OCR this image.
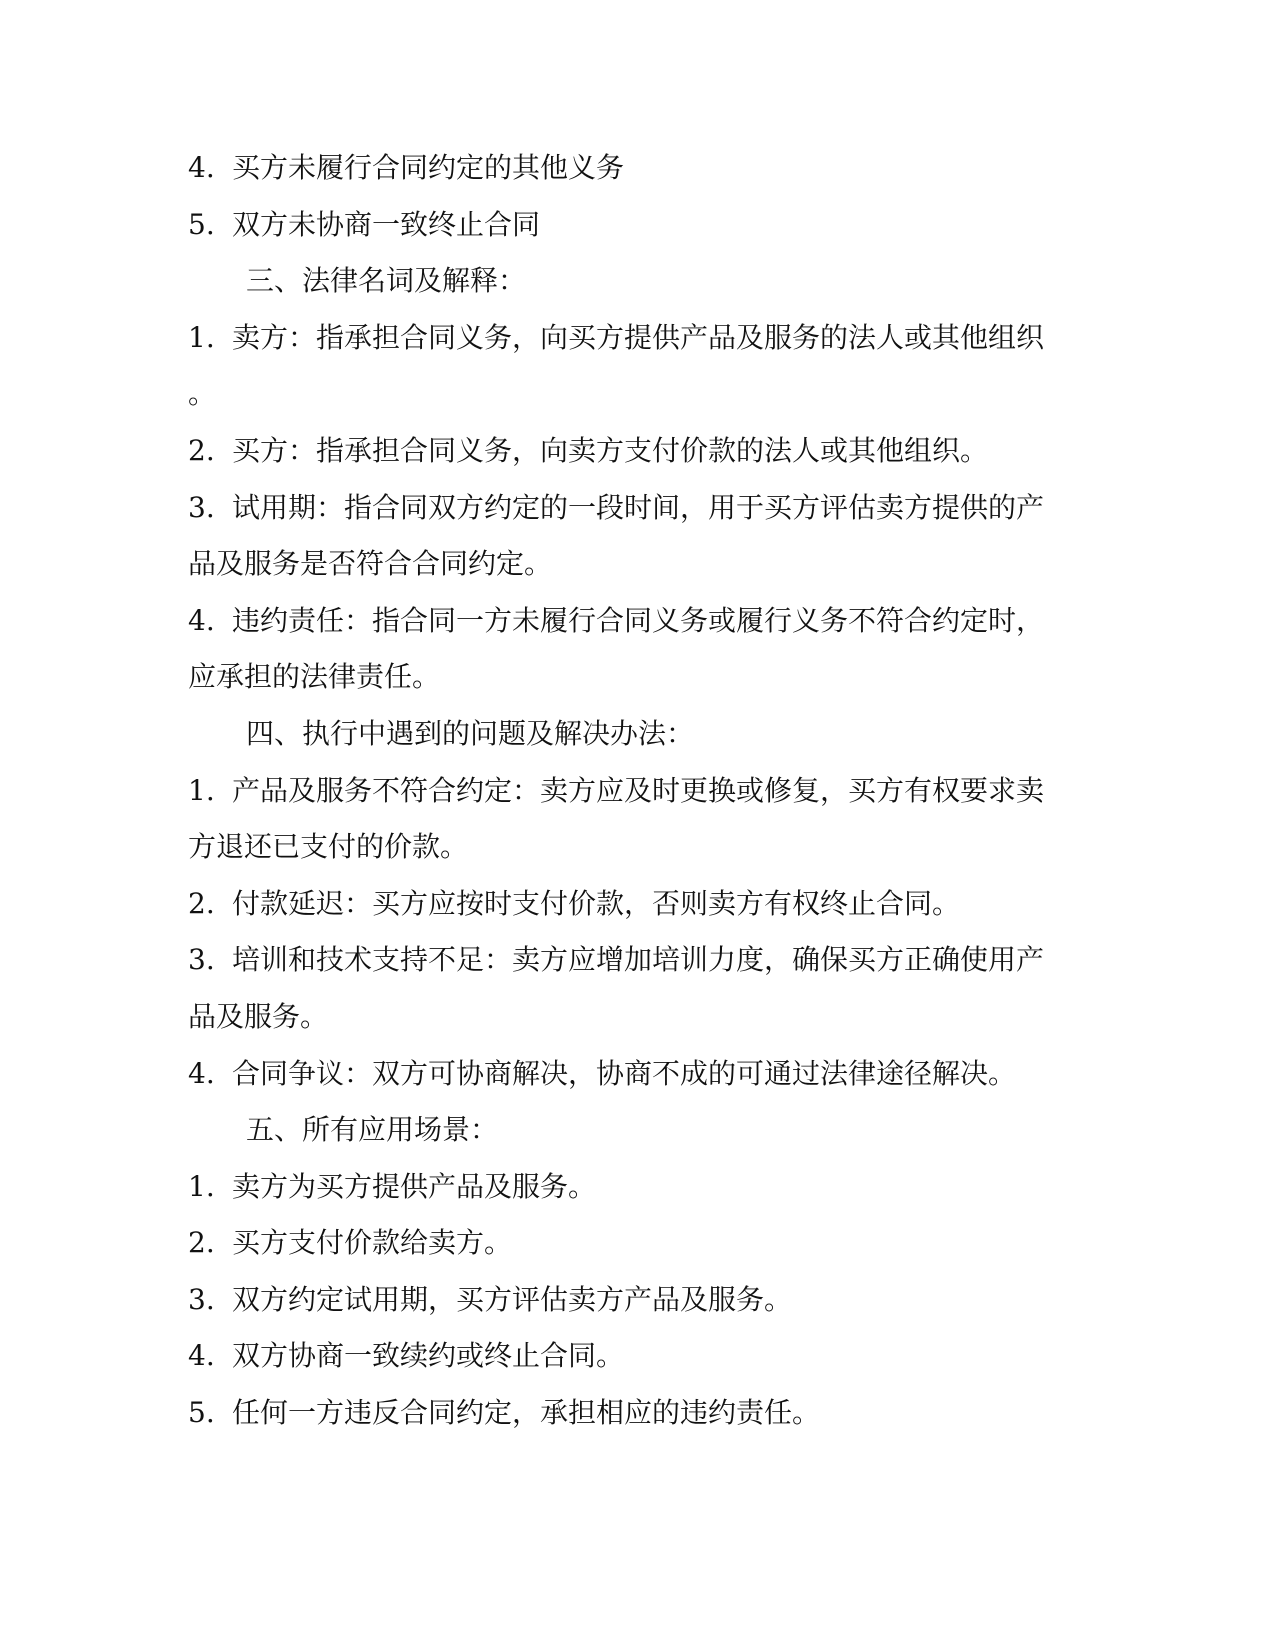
4. 买方未履行合同约定的其他义务
5. 双方未协商一致终止合同
三、法律名词及解释：
1. 卖方：指承担合同义务，向买方提供产品及服务的法人或其他组织
。
2. 买方：指承担合同义务，向卖方支付价款的法人或其他组织。
3. 试用期：指合同双方约定的一段时间，用于买方评估卖方提供的产
品及服务是否符合合同约定。
4. 违约责任：指合同一方未履行合同义务或履行义务不符合约定时，
应承担的法律责任。
四、执行中遇到的问题及解决办法：
1. 产品及服务不符合约定：卖方应及时更换或修复，买方有权要求卖
方退还已支付的价款。
2. 付款延迟：买方应按时支付价款，否则卖方有权终止合同。
3. 培训和技术支持不足：卖方应增加培训力度，确保买方正确使用产
品及服务。
4. 合同争议：双方可协商解决，协商不成的可通过法律途径解决。
五、所有应用场景：
1. 卖方为买方提供产品及服务。
2. 买方支付价款给卖方。
3. 双方约定试用期，买方评估卖方产品及服务。
4. 双方协商一致续约或终止合同。
5. 任何一方违反合同约定，承担相应的违约责任。
